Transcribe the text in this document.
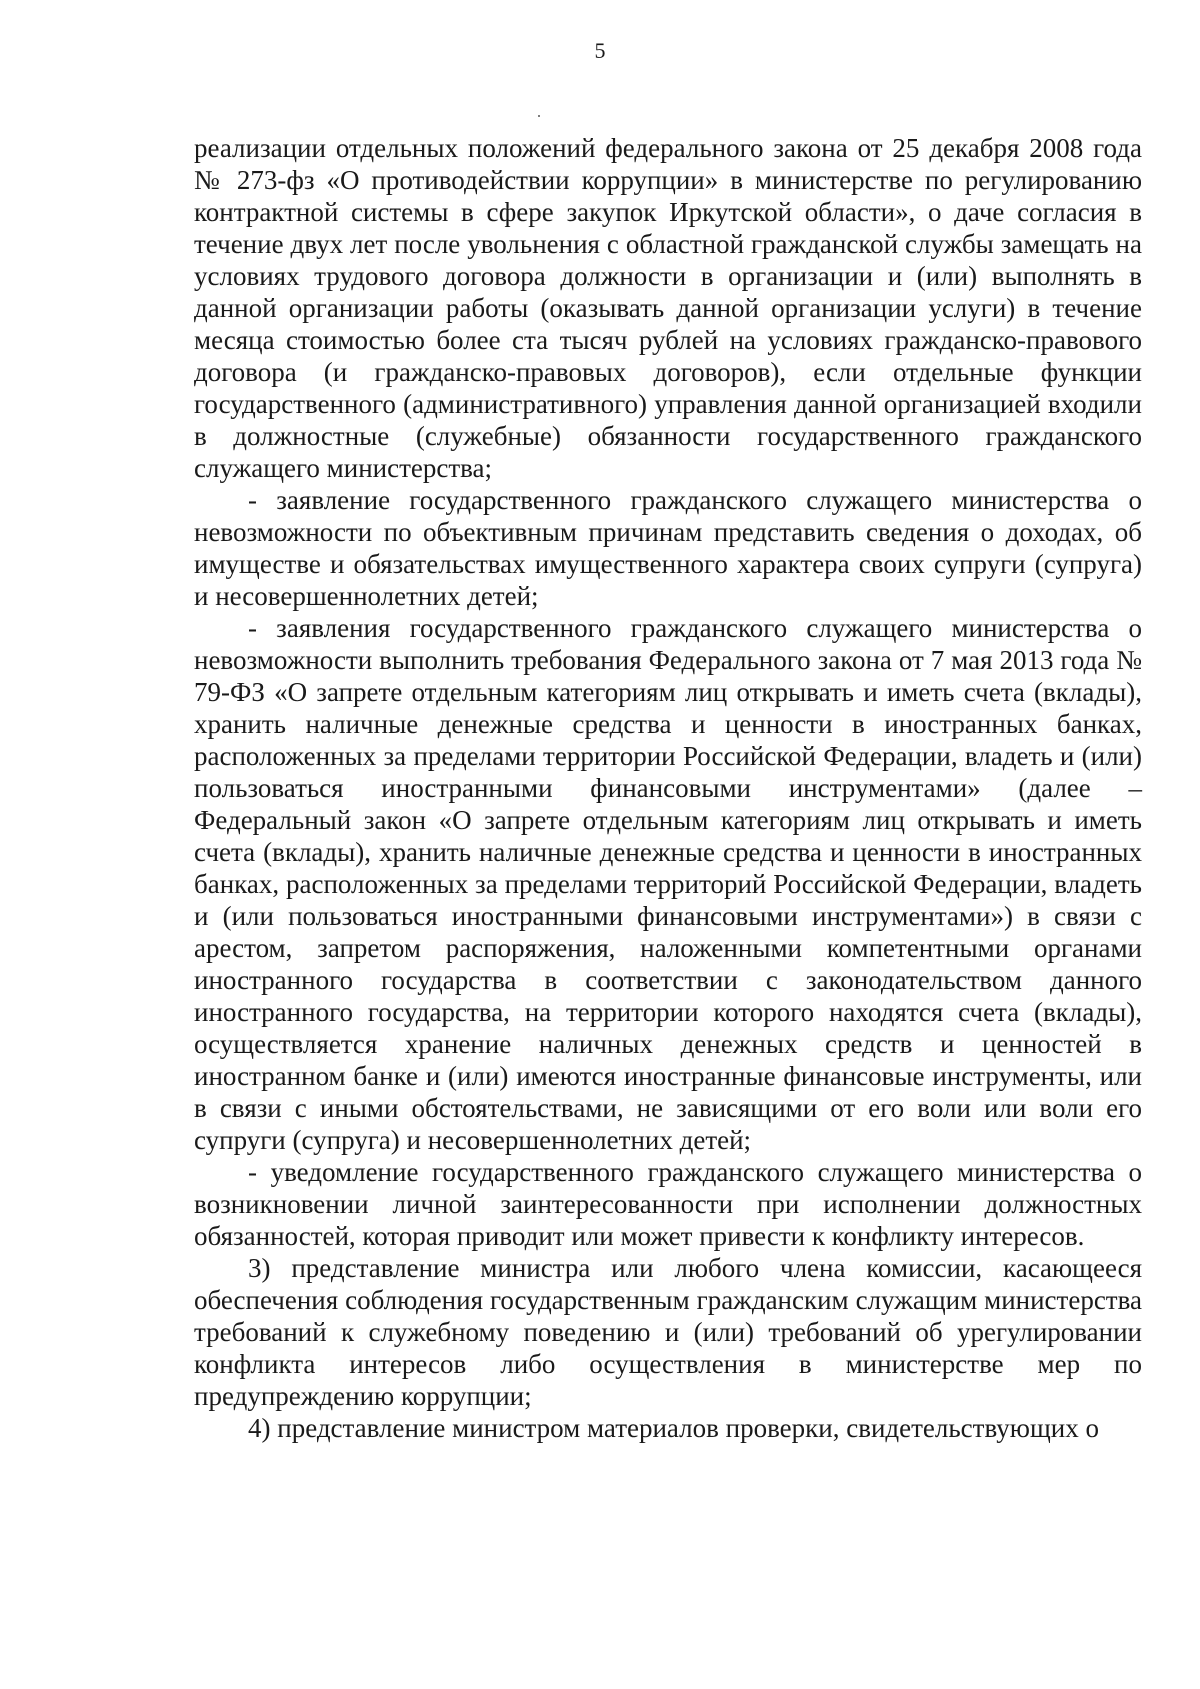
5

реализации отдельных положений федерального закона от 25 декабря 2008 года № 273-фз «О противодействии коррупции» в министерстве по регулированию контрактной системы в сфере закупок Иркутской области», о даче согласия в течение двух лет после увольнения с областной гражданской службы замещать на условиях трудового договора должности в организации и (или) выполнять в данной организации работы (оказывать данной организации услуги) в течение месяца стоимостью более ста тысяч рублей на условиях гражданско-правового договора (и гражданско-правовых договоров), если отдельные функции государственного (административного) управления данной организацией входили в должностные (служебные) обязанности государственного гражданского служащего министерства;

- заявление государственного гражданского служащего министерства о невозможности по объективным причинам представить сведения о доходах, об имуществе и обязательствах имущественного характера своих супруги (супруга) и несовершеннолетних детей;

- заявления государственного гражданского служащего министерства о невозможности выполнить требования Федерального закона от 7 мая 2013 года № 79-ФЗ «О запрете отдельным категориям лиц открывать и иметь счета (вклады), хранить наличные денежные средства и ценности в иностранных банках, расположенных за пределами территории Российской Федерации, владеть и (или) пользоваться иностранными финансовыми инструментами» (далее – Федеральный закон «О запрете отдельным категориям лиц открывать и иметь счета (вклады), хранить наличные денежные средства и ценности в иностранных банках, расположенных за пределами территорий Российской Федерации, владеть и (или пользоваться иностранными финансовыми инструментами») в связи с арестом, запретом распоряжения, наложенными компетентными органами иностранного государства в соответствии с законодательством данного иностранного государства, на территории которого находятся счета (вклады), осуществляется хранение наличных денежных средств и ценностей в иностранном банке и (или) имеются иностранные финансовые инструменты, или в связи с иными обстоятельствами, не зависящими от его воли или воли его супруги (супруга) и несовершеннолетних детей;

- уведомление государственного гражданского служащего министерства о возникновении личной заинтересованности при исполнении должностных обязанностей, которая приводит или может привести к конфликту интересов.

3) представление министра или любого члена комиссии, касающееся обеспечения соблюдения государственным гражданским служащим министерства требований к служебному поведению и (или) требований об урегулировании конфликта интересов либо осуществления в министерстве мер по предупреждению коррупции;

4) представление министром материалов проверки, свидетельствующих о
